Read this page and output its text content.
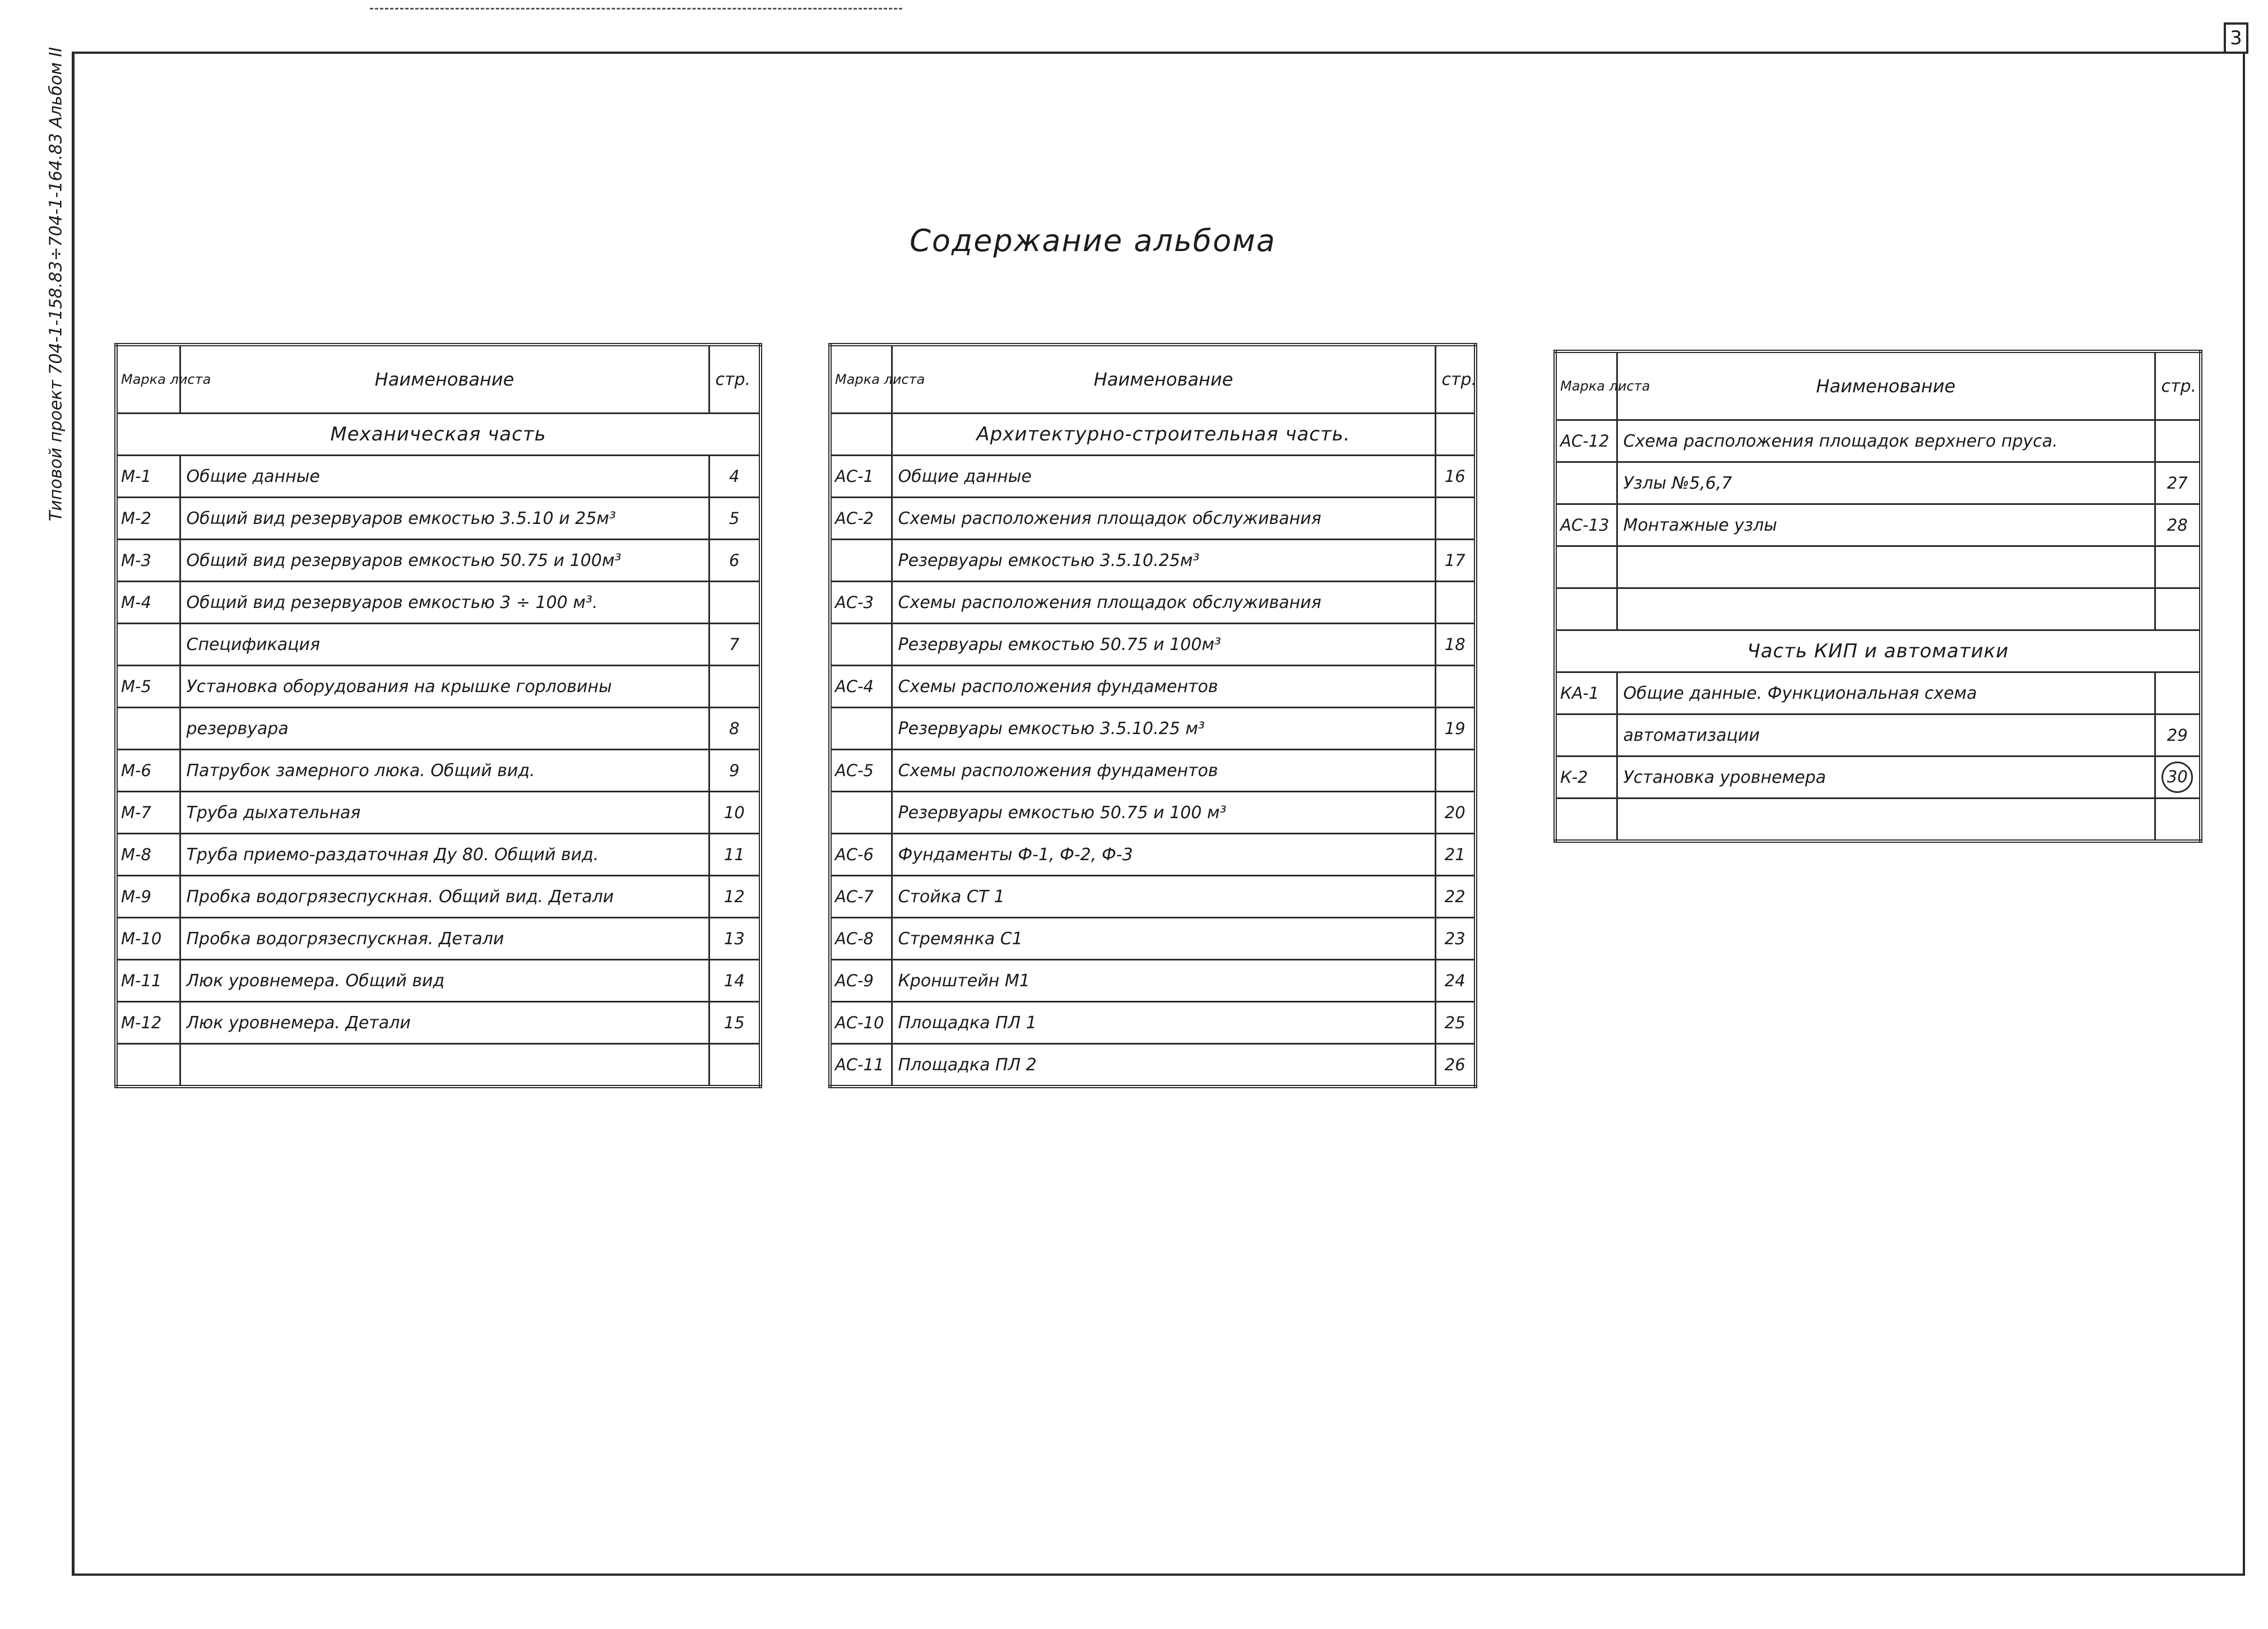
3
Типовой проект 704-1-158.83÷704-1-164.83 Альбом II	Содержание альбома
Марка листа	Наименование	стр.
Механическая часть		
М-1	Общие данные	4
М-2	Общий вид резервуаров емкостью 3.5.10 и 25м³	5
М-3	Общий вид резервуаров емкостью 50.75 и 100м³	6
М-4	Общий вид резервуаров емкостью 3 ÷ 100 м³.	
	Спецификация	7
М-5	Установка оборудования на крышке горловины	
	резервуара	8
М-6	Патрубок замерного люка. Общий вид.	9
М-7	Труба дыхательная	10
М-8	Труба приемо-раздаточная Ду 80. Общий вид.	11
М-9	Пробка водогрязеспускная. Общий вид. Детали	12
М-10	Пробка водогрязеспускная. Детали	13
М-11	Люк уровнемера. Общий вид	14
М-12	Люк уровнемера. Детали	15

Марка листа	Наименование	стр.
	Архитектурно-строительная часть.	
АС-1	Общие данные	16
АС-2	Схемы расположения площадок обслуживания	
	Резервуары емкостью 3.5.10.25м³	17
АС-3	Схемы расположения площадок обслуживания	
	Резервуары емкостью 50.75 и 100м³	18
АС-4	Схемы расположения фундаментов	
	Резервуары емкостью 3.5.10.25 м³	19
АС-5	Схемы расположения фундаментов	
	Резервуары емкостью 50.75 и 100 м³	20
АС-6	Фундаменты Ф-1, Ф-2, Ф-3	21
АС-7	Стойка СТ 1	22
АС-8	Стремянка С1	23
АС-9	Кронштейн М1	24
АС-10	Площадка ПЛ 1	25
АС-11	Площадка ПЛ 2	26
Марка листа	Наименование	стр.
АС-12	Схема расположения площадок верхнего пруса.	
	Узлы №5,6,7	27
АС-13	Монтажные узлы	28

Часть КИП и автоматики		
КА-1	Общие данные. Функциональная схема	
	автоматизации	29
К-2	Установка уровнемера	30
